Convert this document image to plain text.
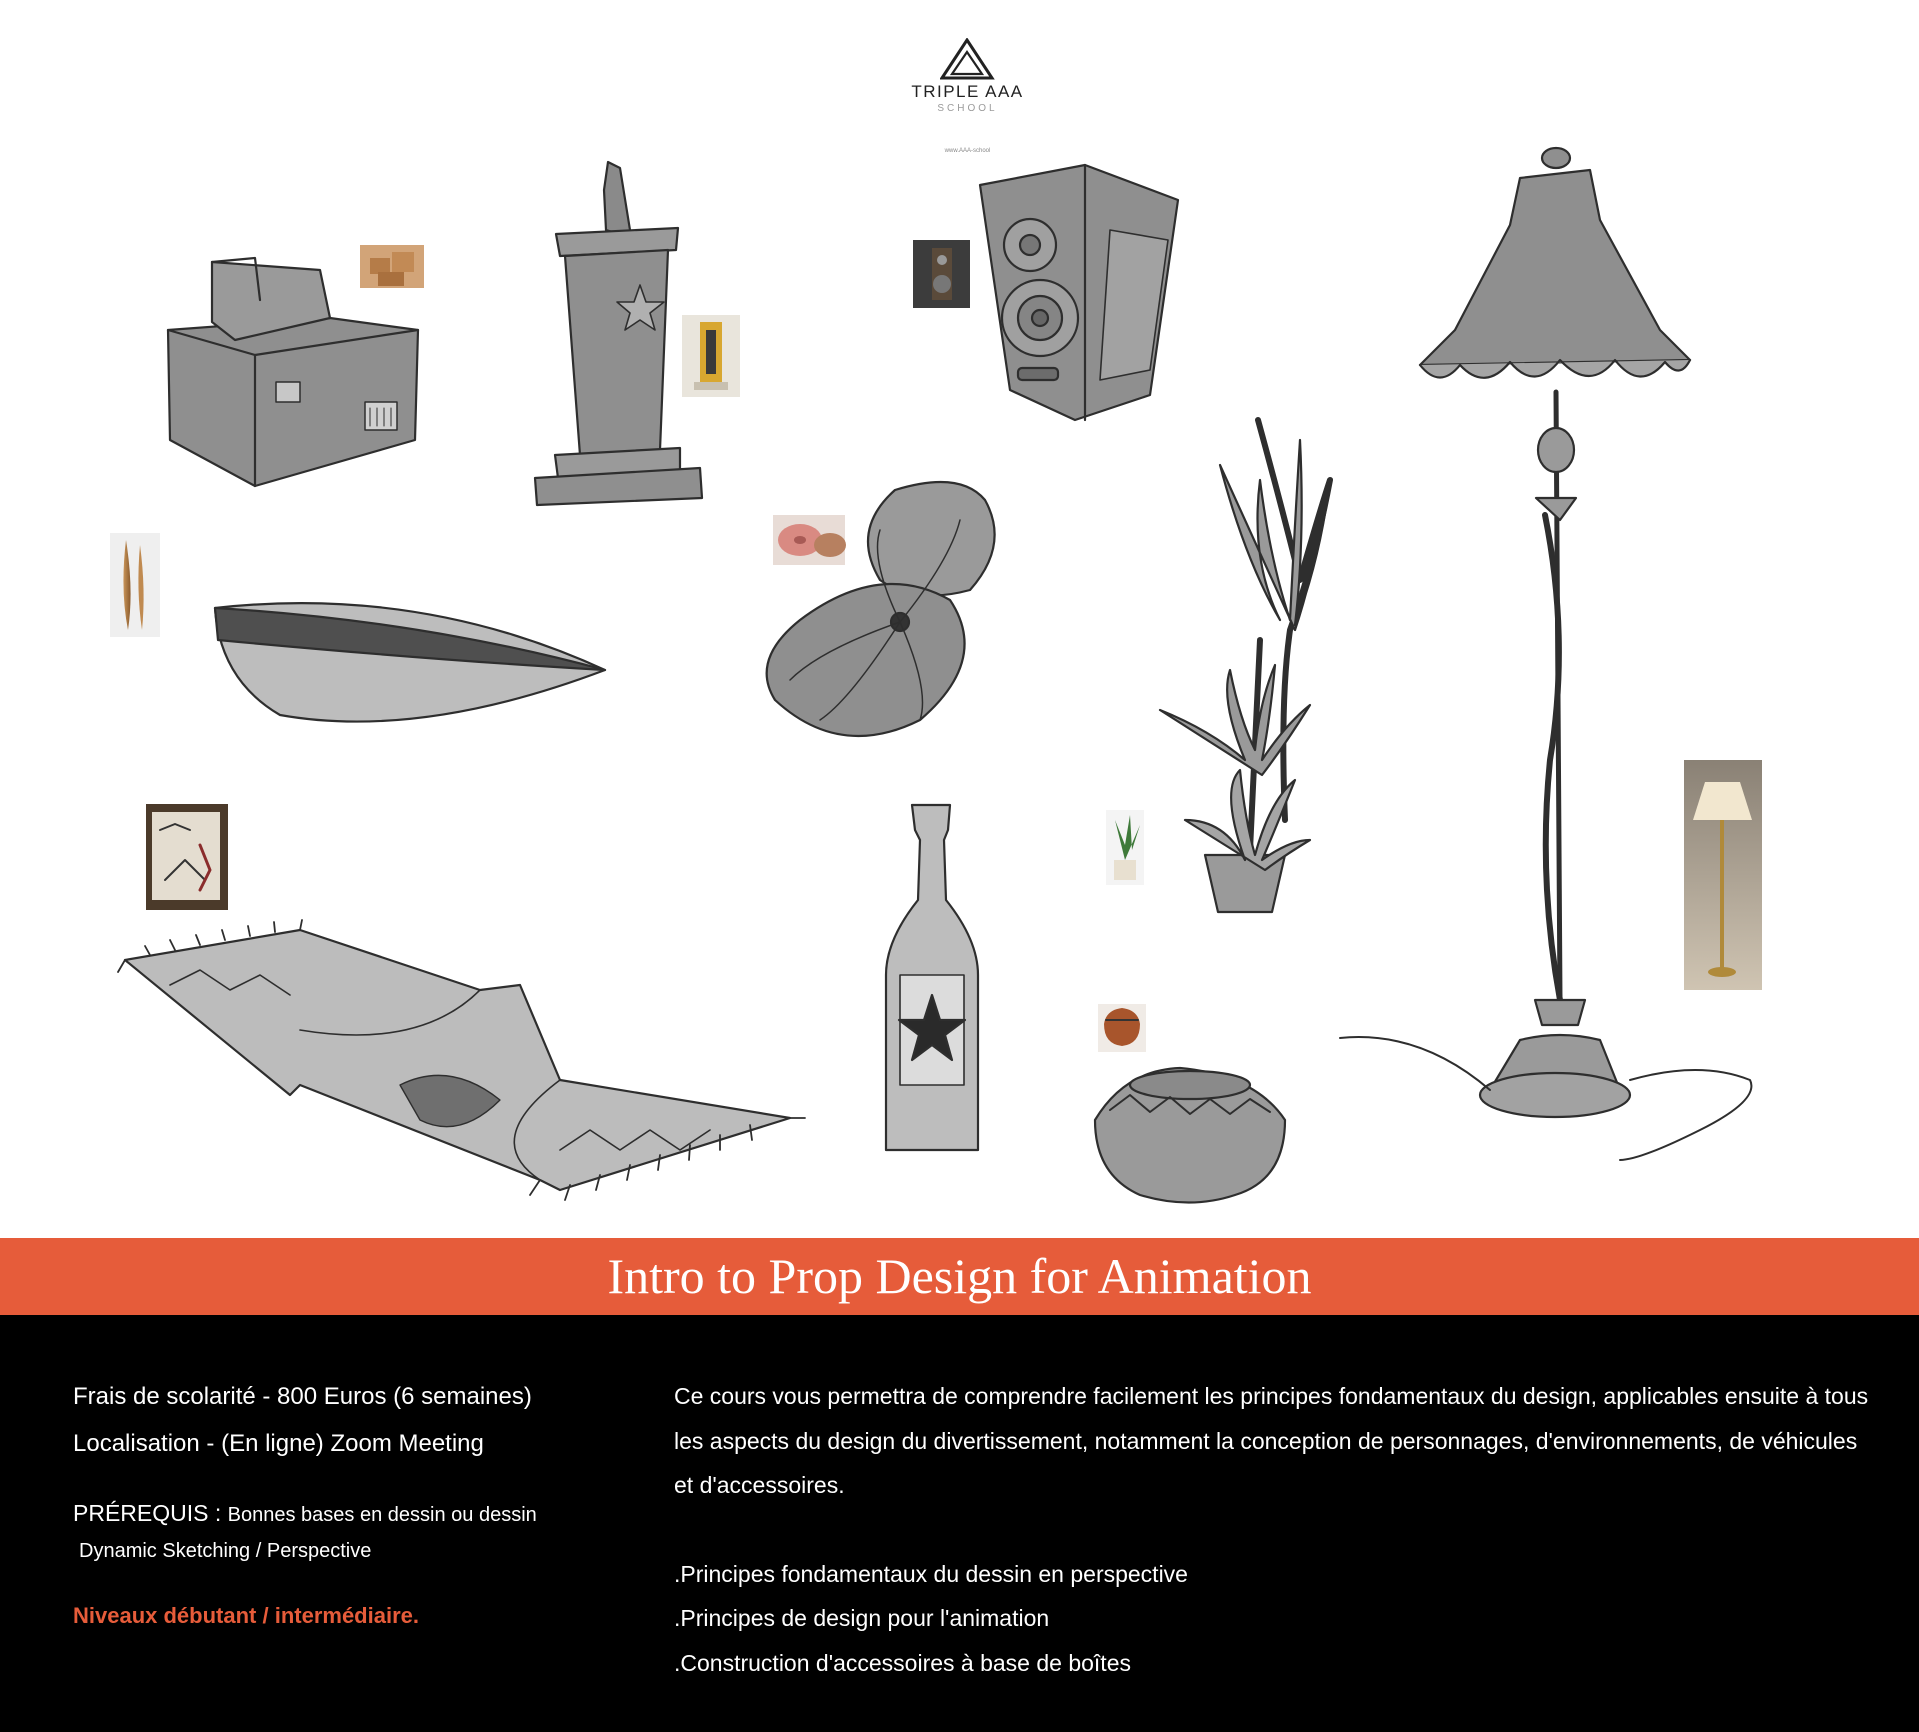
TRIPLE AAA
SCHOOL
www.AAA-school
Intro to Prop Design for Animation
Frais de scolarité - 800 Euros (6 semaines)
Localisation - (En ligne) Zoom Meeting
PRÉREQUIS : Bonnes bases en dessin ou dessin
Dynamic Sketching / Perspective
Niveaux débutant / intermédiaire.
Ce cours vous permettra de comprendre facilement les principes fondamentaux du design, applicables ensuite à tous les aspects du design du divertissement, notamment la conception de personnages, d'environnements, de véhicules et d'accessoires.
.Principes fondamentaux du dessin en perspective
.Principes de design pour l'animation
.Construction d'accessoires à base de boîtes
